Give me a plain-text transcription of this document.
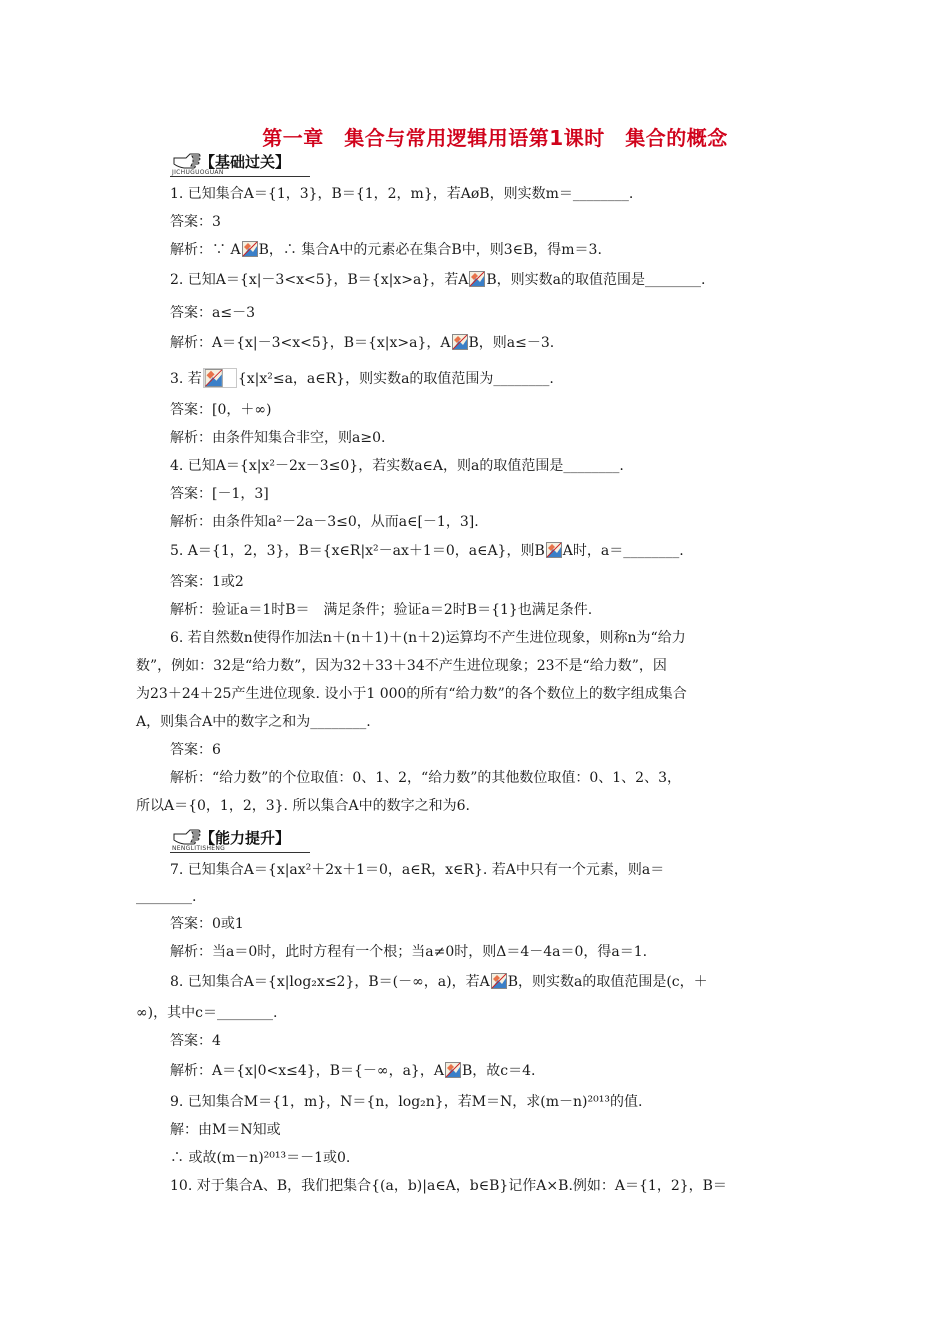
第一章　集合与常用逻辑用语第1课时　集合的概念
【基础过关】
JICHUGUOGUAN
1. 已知集合A＝{1，3}，B＝{1，2，m}，若AøB，则实数m＝________.
答案：3
解析：∵ A B，∴ 集合A中的元素必在集合B中，则3∈B，得m＝3.
2. 已知A＝{x|－3<x<5}，B＝{x|x>a}，若A B，则实数a的取值范围是________.
答案：a≤－3
解析：A＝{x|－3<x<5}，B＝{x|x>a}，A B，则a≤－3.
3. 若	{x|x²≤a，a∈R}，则实数a的取值范围为________.
答案：[0，＋∞)
解析：由条件知集合非空，则a≥0.
4. 已知A＝{x|x²－2x－3≤0}，若实数a∈A，则a的取值范围是________.
答案：[－1，3]
解析：由条件知a²－2a－3≤0，从而a∈[－1，3].
5. A＝{1，2，3}，B＝{x∈R|x²－ax＋1＝0，a∈A}，则B A时，a＝________.
答案：1或2
解析：验证a＝1时B＝　满足条件；验证a＝2时B＝{1}也满足条件.
6. 若自然数n使得作加法n＋(n＋1)＋(n＋2)运算均不产生进位现象，则称n为“给力
数”，例如：32是“给力数”，因为32＋33＋34不产生进位现象；23不是“给力数”，因
为23＋24＋25产生进位现象. 设小于1 000的所有“给力数”的各个数位上的数字组成集合
A，则集合A中的数字之和为________.
答案：6
解析：“给力数”的个位取值：0、1、2，“给力数”的其他数位取值：0、1、2、3，
所以A＝{0，1，2，3}. 所以集合A中的数字之和为6.
【能力提升】
NENGLITISHENG
7. 已知集合A＝{x|ax²＋2x＋1＝0，a∈R，x∈R}. 若A中只有一个元素，则a＝
________.
答案：0或1
解析：当a＝0时，此时方程有一个根；当a≠0时，则Δ＝4－4a＝0，得a＝1.
8. 已知集合A＝{x|log₂x≤2}，B＝(－∞，a)，若A B，则实数a的取值范围是(c，＋
∞)，其中c＝________.
答案：4
解析：A＝{x|0<x≤4}，B＝{－∞，a}，A B，故c＝4.
9. 已知集合M＝{1，m}，N＝{n，log₂n}，若M＝N，求(m－n)²⁰¹³的值.
解：由M＝N知或
∴ 或故(m－n)²⁰¹³＝－1或0.
10. 对于集合A、B，我们把集合{(a，b)|a∈A，b∈B}记作A×B.例如：A＝{1，2}，B＝
